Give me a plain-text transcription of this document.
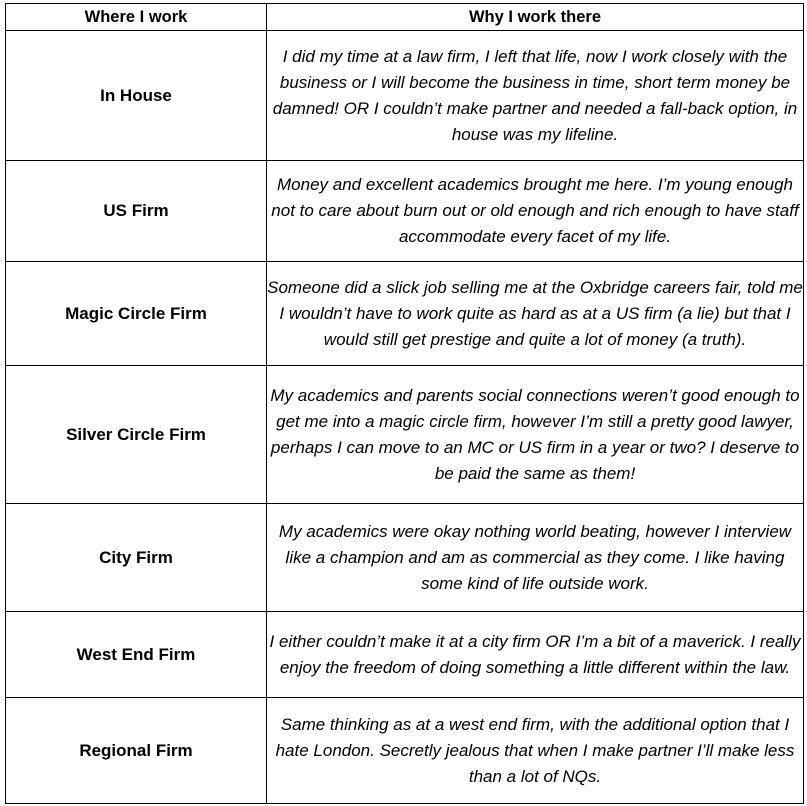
Where I work	Why I work there
In House	I did my time at a law firm, I left that life, now I work closely with the business or I will become the business in time, short term money be damned! OR I couldn’t make partner and needed a fall-back option, in house was my lifeline.
US Firm	Money and excellent academics brought me here. I’m young enough not to care about burn out or old enough and rich enough to have staff accommodate every facet of my life.
Magic Circle Firm	Someone did a slick job selling me at the Oxbridge careers fair, told me I wouldn’t have to work quite as hard as at a US firm (a lie) but that I would still get prestige and quite a lot of money (a truth).
Silver Circle Firm	My academics and parents social connections weren’t good enough to get me into a magic circle firm, however I’m still a pretty good lawyer, perhaps I can move to an MC or US firm in a year or two? I deserve to be paid the same as them!
City Firm	My academics were okay nothing world beating, however I interview like a champion and am as commercial as they come. I like having some kind of life outside work.
West End Firm	I either couldn’t make it at a city firm OR I’m a bit of a maverick. I really enjoy the freedom of doing something a little different within the law.
Regional Firm	Same thinking as at a west end firm, with the additional option that I hate London. Secretly jealous that when I make partner I’ll make less than a lot of NQs.
